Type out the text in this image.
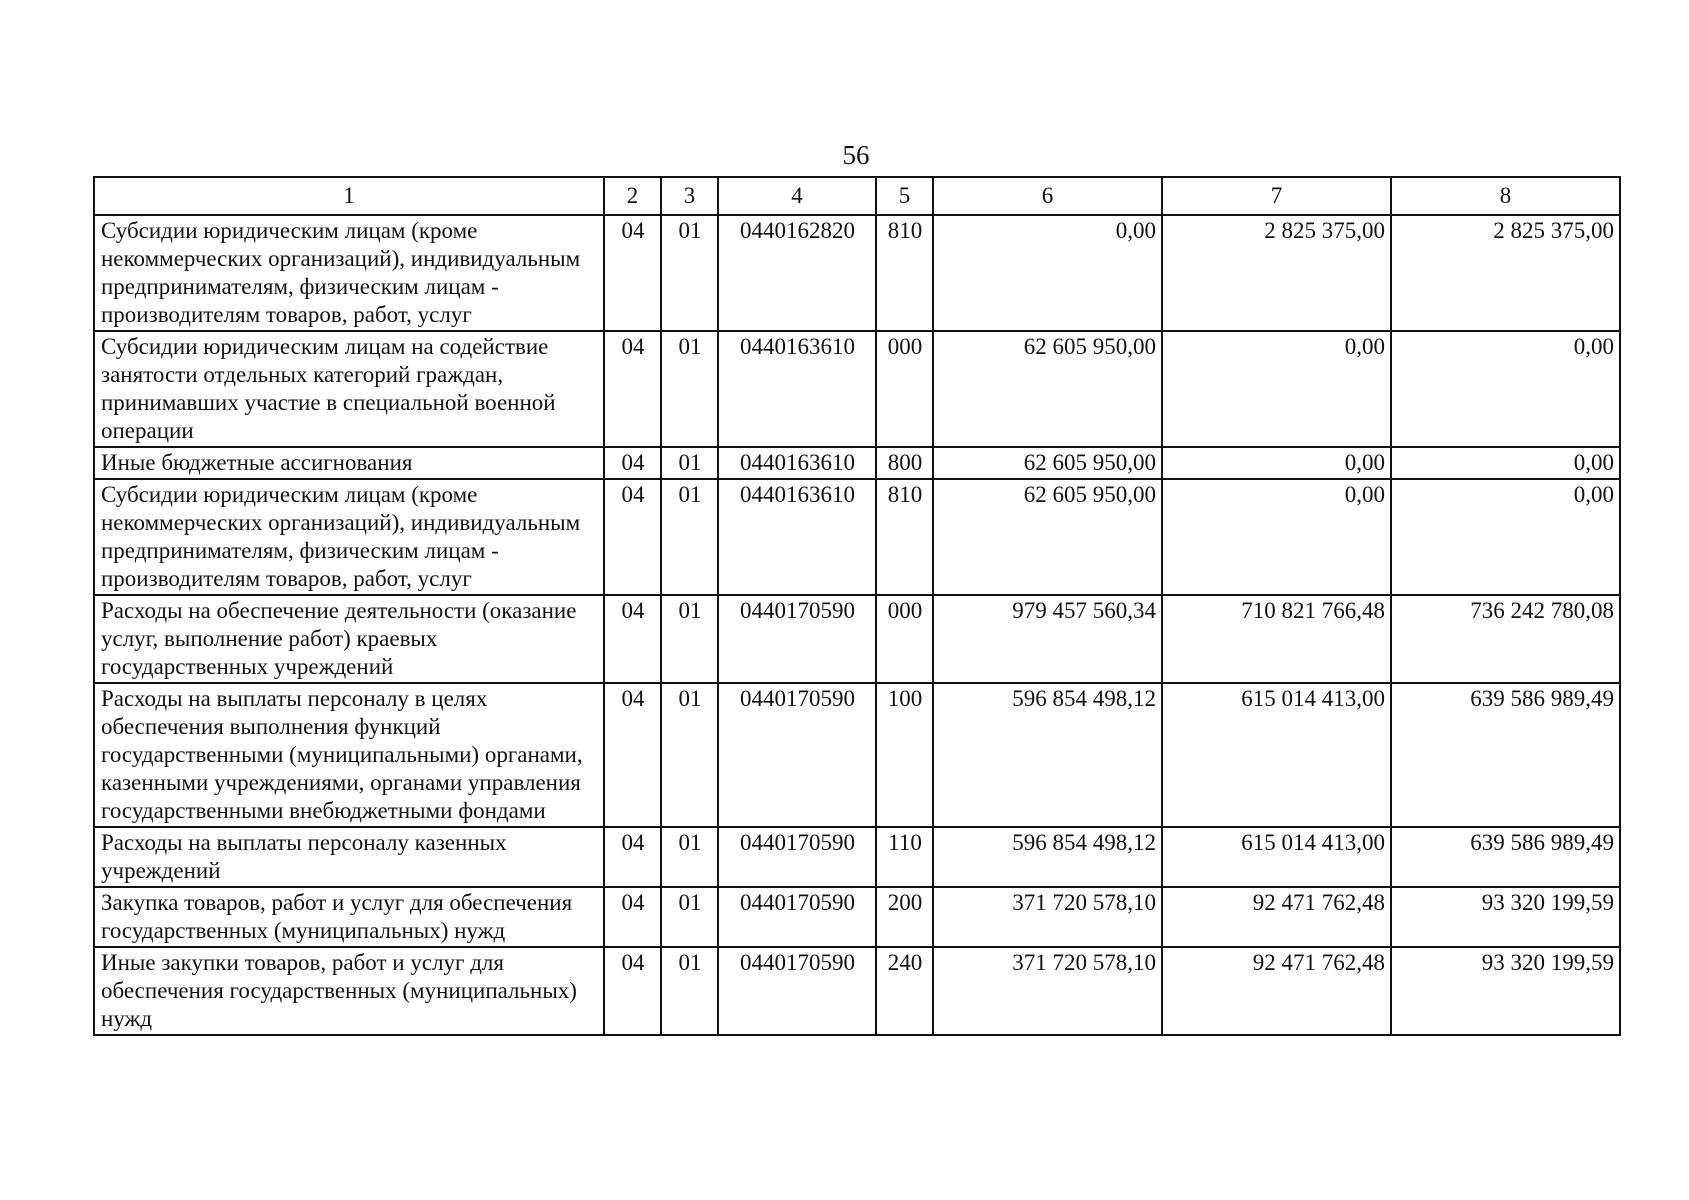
56
1	2	3	4	5	6	7	8
Субсидии юридическим лицам (кроме некоммерческих организаций), индивидуальным предпринимателям, физическим лицам - производителям товаров, работ, услуг	04	01	0440162820	810	0,00	2 825 375,00	2 825 375,00
Субсидии юридическим лицам на содействие занятости отдельных категорий граждан, принимавших участие в специальной военной операции	04	01	0440163610	000	62 605 950,00	0,00	0,00
Иные бюджетные ассигнования	04	01	0440163610	800	62 605 950,00	0,00	0,00
Субсидии юридическим лицам (кроме некоммерческих организаций), индивидуальным предпринимателям, физическим лицам - производителям товаров, работ, услуг	04	01	0440163610	810	62 605 950,00	0,00	0,00
Расходы на обеспечение деятельности (оказание услуг, выполнение работ) краевых государственных учреждений	04	01	0440170590	000	979 457 560,34	710 821 766,48	736 242 780,08
Расходы на выплаты персоналу в целях обеспечения выполнения функций государственными (муниципальными) органами, казенными учреждениями, органами управления государственными внебюджетными фондами	04	01	0440170590	100	596 854 498,12	615 014 413,00	639 586 989,49
Расходы на выплаты персоналу казенных учреждений	04	01	0440170590	110	596 854 498,12	615 014 413,00	639 586 989,49
Закупка товаров, работ и услуг для обеспечения государственных (муниципальных) нужд	04	01	0440170590	200	371 720 578,10	92 471 762,48	93 320 199,59
Иные закупки товаров, работ и услуг для обеспечения государственных (муниципальных) нужд	04	01	0440170590	240	371 720 578,10	92 471 762,48	93 320 199,59
